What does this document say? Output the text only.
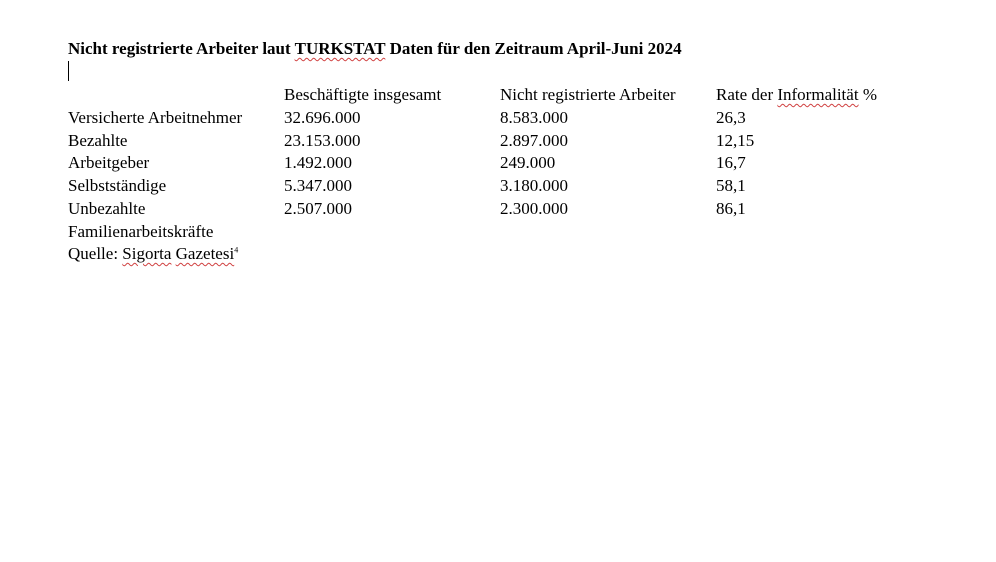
Nicht registrierte Arbeiter laut TURKSTAT Daten für den Zeitraum April-Juni 2024
	Beschäftigte insgesamt	Nicht registrierte Arbeiter	Rate der Informalität %
Versicherte Arbeitnehmer	32.696.000	8.583.000	26,3
Bezahlte	23.153.000	2.897.000	12,15
Arbeitgeber	1.492.000	249.000	16,7
Selbstständige	5.347.000	3.180.000	58,1
Unbezahlte	2.507.000	2.300.000	86,1
Familienarbeitskräfte			
Quelle: Sigorta Gazetesi$^4$
